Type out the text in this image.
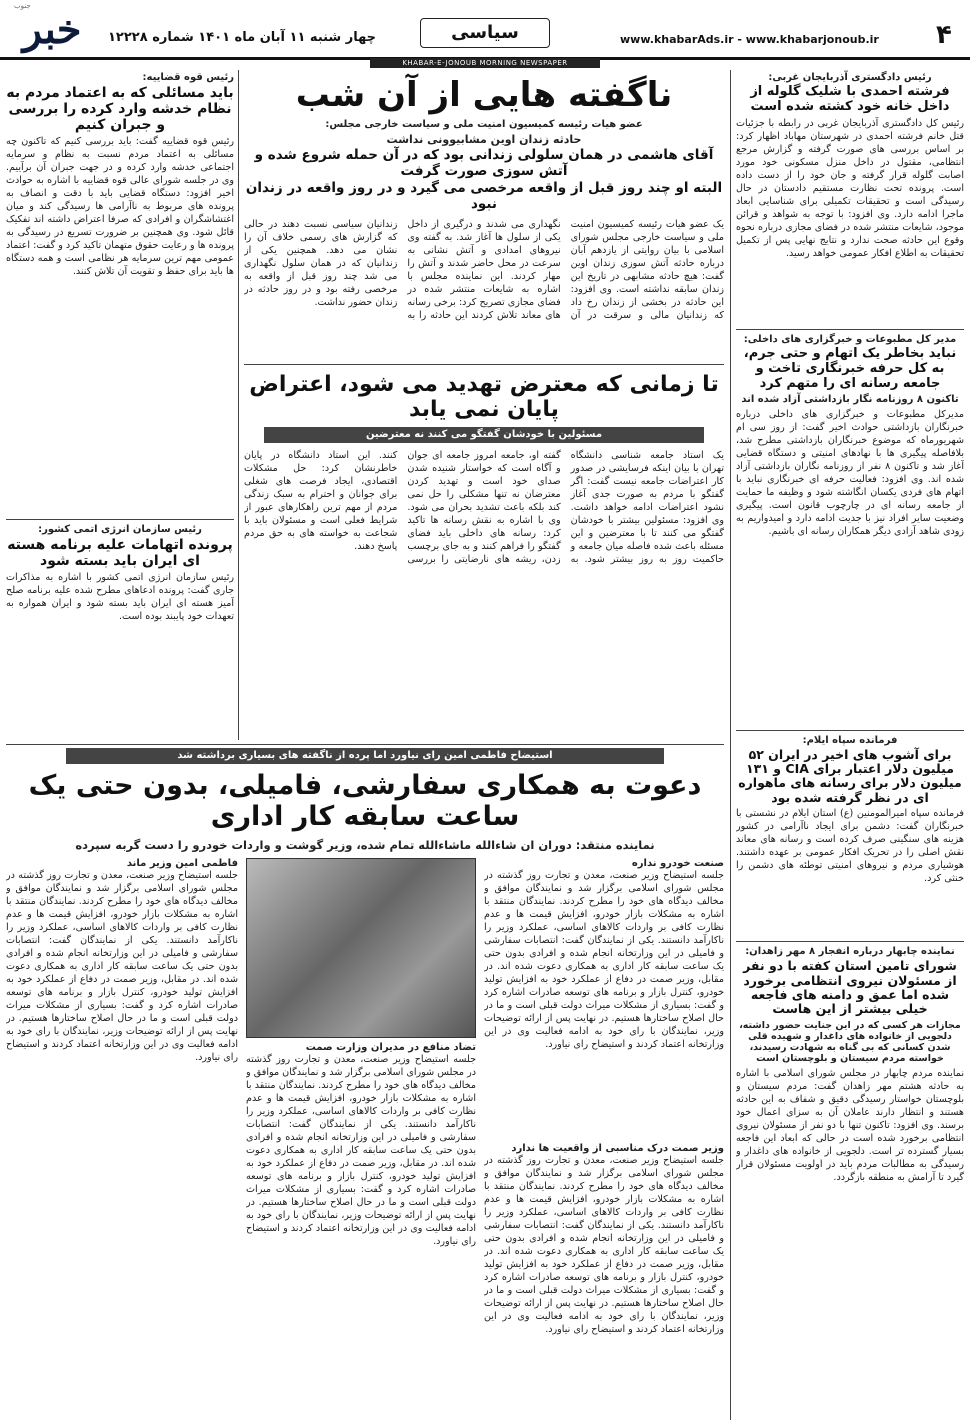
خبر
جنوب
چهار شنبه ۱۱ آبان ماه ۱۴۰۱ شماره ۱۲۲۲۸	سیاسی	www.khabarAds.ir - www.khabarjonoub.ir ۴
KHABAR-E-JONOUB MORNING NEWSPAPER
رئیس دادگستری آذربایجان غربی:
فرشته احمدی با شلیک گلوله از داخل خانه خود کشته شده است
رئیس کل دادگستری آذربایجان غربی در رابطه با جزئیات قتل خانم فرشته احمدی در شهرستان مهاباد اظهار کرد: بر اساس بررسی های صورت گرفته و گزارش مرجع انتظامی، مقتول در داخل منزل مسکونی خود مورد اصابت گلوله قرار گرفته و جان خود را از دست داده است. پرونده تحت نظارت مستقیم دادستان در حال رسیدگی است و تحقیقات تکمیلی برای شناسایی ابعاد ماجرا ادامه دارد. وی افزود: با توجه به شواهد و قرائن موجود، شایعات منتشر شده در فضای مجازی درباره نحوه وقوع این حادثه صحت ندارد و نتایج نهایی پس از تکمیل تحقیقات به اطلاع افکار عمومی خواهد رسید.
مدیر کل مطبوعات و خبرگزاری های داخلی:
نباید بخاطر یک اتهام و حتی جرم، به کل حرفه خبرنگاری تاخت و جامعه رسانه ای را متهم کرد
تاکنون ۸ روزنامه نگار بازداشتی آزاد شده اند
مدیرکل مطبوعات و خبرگزاری های داخلی درباره خبرنگاران بازداشتی حوادث اخیر گفت: از روز سی ام شهریورماه که موضوع خبرنگاران بازداشتی مطرح شد، بلافاصله پیگیری ها با نهادهای امنیتی و دستگاه قضایی آغاز شد و تاکنون ۸ نفر از روزنامه نگاران بازداشتی آزاد شده اند. وی افزود: فعالیت حرفه ای خبرنگاری نباید با اتهام های فردی یکسان انگاشته شود و وظیفه ما حمایت از جامعه رسانه ای در چارچوب قانون است. پیگیری وضعیت سایر افراد نیز با جدیت ادامه دارد و امیدواریم به زودی شاهد آزادی دیگر همکاران رسانه ای باشیم.
فرمانده سپاه ایلام:
برای آشوب های اخیر در ایران ۵۲ میلیون دلار اعتبار برای CIA و ۱۳۱ میلیون دلار برای رسانه های ماهواره ای در نظر گرفته شده بود
فرمانده سپاه امیرالمومنین (ع) استان ایلام در نشستی با خبرنگاران گفت: دشمن برای ایجاد ناآرامی در کشور هزینه های سنگینی صرف کرده است و رسانه های معاند نقش اصلی را در تحریک افکار عمومی بر عهده داشتند. هوشیاری مردم و نیروهای امنیتی توطئه های دشمن را خنثی کرد.
نماینده چابهار درباره انفجار ۸ مهر زاهدان:
شورای تامین استان کفته با دو نفر از مسئولان نیروی انتظامی برخورد شده اما عمق و دامنه های فاجعه خیلی بیشتر از این هاست
مجازات هر کسی که در این جنایت حضور داشته، دلجویی از خانواده های داغدار و شهیده قلی شدن کسانی که بی گناه به شهادت رسیدند، خواسته مردم سیستان و بلوچستان است
نماینده مردم چابهار در مجلس شورای اسلامی با اشاره به حادثه هشتم مهر زاهدان گفت: مردم سیستان و بلوچستان خواستار رسیدگی دقیق و شفاف به این حادثه هستند و انتظار دارند عاملان آن به سزای اعمال خود برسند. وی افزود: تاکنون تنها با دو نفر از مسئولان نیروی انتظامی برخورد شده است در حالی که ابعاد این فاجعه بسیار گسترده تر است. دلجویی از خانواده های داغدار و رسیدگی به مطالبات مردم باید در اولویت مسئولان قرار گیرد تا آرامش به منطقه بازگردد.
ناگفته هایی از آن شب
عضو هیات رئیسه کمیسیون امنیت ملی و سیاست خارجی مجلس:
حادثه زندان اوین مشابیوونی نداشت
آقای هاشمی در همان سلولی زندانی بود که در آن حمله شروع شده و آتش سوزی صورت گرفت
البته او چند روز قبل از واقعه مرخصی می گیرد و در روز واقعه در زندان نبود
یک عضو هیات رئیسه کمیسیون امنیت ملی و سیاست خارجی مجلس شورای اسلامی با بیان روایتی از یازدهم آبان درباره حادثه آتش سوزی زندان اوین گفت: هیچ حادثه مشابهی در تاریخ این زندان سابقه نداشته است. وی افزود: این حادثه در بخشی از زندان رخ داد که زندانیان مالی و سرقت در آن نگهداری می شدند و درگیری از داخل یکی از سلول ها آغاز شد. به گفته وی نیروهای امدادی و آتش نشانی به سرعت در محل حاضر شدند و آتش را مهار کردند. این نماینده مجلس با اشاره به شایعات منتشر شده در فضای مجازی تصریح کرد: برخی رسانه های معاند تلاش کردند این حادثه را به زندانیان سیاسی نسبت دهند در حالی که گزارش های رسمی خلاف آن را نشان می دهد. همچنین یکی از زندانیان که در همان سلول نگهداری می شد چند روز قبل از واقعه به مرخصی رفته بود و در روز حادثه در زندان حضور نداشت.
تا زمانی که معترض تهدید می شود، اعتراض پایان نمی یابد
مسئولین با خودشان گفتگو می کنند نه معترضین
یک استاد جامعه شناسی دانشگاه تهران با بیان اینکه فرسایشی در صدور کار اعتراضات جامعه نیست گفت: اگر گفتگو با مردم به صورت جدی آغاز نشود اعتراضات ادامه خواهد داشت. وی افزود: مسئولین بیشتر با خودشان گفتگو می کنند تا با معترضین و این مسئله باعث شده فاصله میان جامعه و حاکمیت روز به روز بیشتر شود. به گفته او، جامعه امروز جامعه ای جوان و آگاه است که خواستار شنیده شدن صدای خود است و تهدید کردن معترضان نه تنها مشکلی را حل نمی کند بلکه باعث تشدید بحران می شود. وی با اشاره به نقش رسانه ها تاکید کرد: رسانه های داخلی باید فضای گفتگو را فراهم کنند و به جای برچسب زدن، ریشه های نارضایتی را بررسی کنند. این استاد دانشگاه در پایان خاطرنشان کرد: حل مشکلات اقتصادی، ایجاد فرصت های شغلی برای جوانان و احترام به سبک زندگی مردم از مهم ترین راهکارهای عبور از شرایط فعلی است و مسئولان باید با شجاعت به خواسته های به حق مردم پاسخ دهند.
رئیس قوه قضاییه:
باید مسائلی که به اعتماد مردم به نظام خدشه وارد کرده را بررسی و جبران کنیم
رئیس قوه قضاییه گفت: باید بررسی کنیم که تاکنون چه مسائلی به اعتماد مردم نسبت به نظام و سرمایه اجتماعی خدشه وارد کرده و در جهت جبران آن برآییم. وی در جلسه شورای عالی قوه قضاییه با اشاره به حوادث اخیر افزود: دستگاه قضایی باید با دقت و انصاف به پرونده های مربوط به ناآرامی ها رسیدگی کند و میان اغتشاشگران و افرادی که صرفا اعتراض داشته اند تفکیک قائل شود. وی همچنین بر ضرورت تسریع در رسیدگی به پرونده ها و رعایت حقوق متهمان تاکید کرد و گفت: اعتماد عمومی مهم ترین سرمایه هر نظامی است و همه دستگاه ها باید برای حفظ و تقویت آن تلاش کنند.
رئیس سازمان انرژی اتمی کشور:
پرونده اتهامات علیه برنامه هسته ای ایران باید بسته شود
رئیس سازمان انرژی اتمی کشور با اشاره به مذاکرات جاری گفت: پرونده ادعاهای مطرح شده علیه برنامه صلح آمیز هسته ای ایران باید بسته شود و ایران همواره به تعهدات خود پایبند بوده است.
استیضاح فاطمی امین رای نیاورد اما پرده از ناگفته های بسیاری برداشته شد
دعوت به همکاری سفارشی، فامیلی، بدون حتی یک ساعت سابقه کار اداری
نماینده منتقد: دوران ان شاءالله ماشاءالله تمام شده، وزیر گوشت و واردات خودرو را دست گربه سپرده
صنعت خودرو نداره
جلسه استیضاح وزیر صنعت، معدن و تجارت روز گذشته در مجلس شورای اسلامی برگزار شد و نمایندگان موافق و مخالف دیدگاه های خود را مطرح کردند. نمایندگان منتقد با اشاره به مشکلات بازار خودرو، افزایش قیمت ها و عدم نظارت کافی بر واردات کالاهای اساسی، عملکرد وزیر را ناکارآمد دانستند. یکی از نمایندگان گفت: انتصابات سفارشی و فامیلی در این وزارتخانه انجام شده و افرادی بدون حتی یک ساعت سابقه کار اداری به همکاری دعوت شده اند. در مقابل، وزیر صمت در دفاع از عملکرد خود به افزایش تولید خودرو، کنترل بازار و برنامه های توسعه صادرات اشاره کرد و گفت: بسیاری از مشکلات میراث دولت قبلی است و ما در حال اصلاح ساختارها هستیم. در نهایت پس از ارائه توضیحات وزیر، نمایندگان با رای خود به ادامه فعالیت وی در این وزارتخانه اعتماد کردند و استیضاح رای نیاورد.
وزیر صمت درک مناسبی از واقعیت ها ندارد
جلسه استیضاح وزیر صنعت، معدن و تجارت روز گذشته در مجلس شورای اسلامی برگزار شد و نمایندگان موافق و مخالف دیدگاه های خود را مطرح کردند. نمایندگان منتقد با اشاره به مشکلات بازار خودرو، افزایش قیمت ها و عدم نظارت کافی بر واردات کالاهای اساسی، عملکرد وزیر را ناکارآمد دانستند. یکی از نمایندگان گفت: انتصابات سفارشی و فامیلی در این وزارتخانه انجام شده و افرادی بدون حتی یک ساعت سابقه کار اداری به همکاری دعوت شده اند. در مقابل، وزیر صمت در دفاع از عملکرد خود به افزایش تولید خودرو، کنترل بازار و برنامه های توسعه صادرات اشاره کرد و گفت: بسیاری از مشکلات میراث دولت قبلی است و ما در حال اصلاح ساختارها هستیم. در نهایت پس از ارائه توضیحات وزیر، نمایندگان با رای خود به ادامه فعالیت وی در این وزارتخانه اعتماد کردند و استیضاح رای نیاورد.
تضاد منافع در مدیران وزارت صمت
جلسه استیضاح وزیر صنعت، معدن و تجارت روز گذشته در مجلس شورای اسلامی برگزار شد و نمایندگان موافق و مخالف دیدگاه های خود را مطرح کردند. نمایندگان منتقد با اشاره به مشکلات بازار خودرو، افزایش قیمت ها و عدم نظارت کافی بر واردات کالاهای اساسی، عملکرد وزیر را ناکارآمد دانستند. یکی از نمایندگان گفت: انتصابات سفارشی و فامیلی در این وزارتخانه انجام شده و افرادی بدون حتی یک ساعت سابقه کار اداری به همکاری دعوت شده اند. در مقابل، وزیر صمت در دفاع از عملکرد خود به افزایش تولید خودرو، کنترل بازار و برنامه های توسعه صادرات اشاره کرد و گفت: بسیاری از مشکلات میراث دولت قبلی است و ما در حال اصلاح ساختارها هستیم. در نهایت پس از ارائه توضیحات وزیر، نمایندگان با رای خود به ادامه فعالیت وی در این وزارتخانه اعتماد کردند و استیضاح رای نیاورد.
فاطمی امین وزیر ماند
جلسه استیضاح وزیر صنعت، معدن و تجارت روز گذشته در مجلس شورای اسلامی برگزار شد و نمایندگان موافق و مخالف دیدگاه های خود را مطرح کردند. نمایندگان منتقد با اشاره به مشکلات بازار خودرو، افزایش قیمت ها و عدم نظارت کافی بر واردات کالاهای اساسی، عملکرد وزیر را ناکارآمد دانستند. یکی از نمایندگان گفت: انتصابات سفارشی و فامیلی در این وزارتخانه انجام شده و افرادی بدون حتی یک ساعت سابقه کار اداری به همکاری دعوت شده اند. در مقابل، وزیر صمت در دفاع از عملکرد خود به افزایش تولید خودرو، کنترل بازار و برنامه های توسعه صادرات اشاره کرد و گفت: بسیاری از مشکلات میراث دولت قبلی است و ما در حال اصلاح ساختارها هستیم. در نهایت پس از ارائه توضیحات وزیر، نمایندگان با رای خود به ادامه فعالیت وی در این وزارتخانه اعتماد کردند و استیضاح رای نیاورد.
